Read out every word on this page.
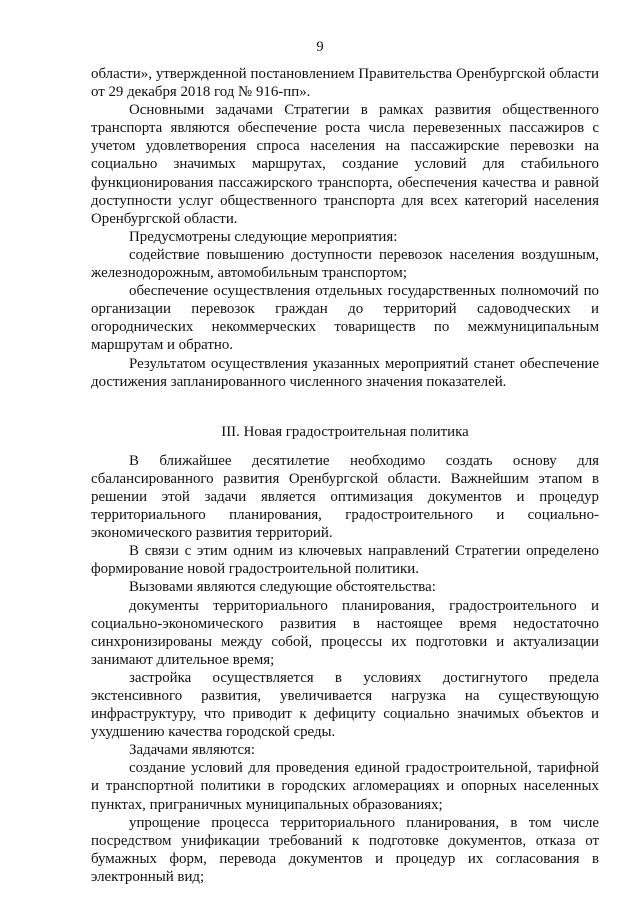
9

области», утвержденной постановлением Правительства Оренбургской области от 29 декабря 2018 год № 916-пп».

Основными задачами Стратегии в рамках развития общественного транспорта являются обеспечение роста числа перевезенных пассажиров с учетом удовлетворения спроса населения на пассажирские перевозки на социально значимых маршрутах, создание условий для стабильного функционирования пассажирского транспорта, обеспечения качества и равной доступности услуг общественного транспорта для всех категорий населения Оренбургской области.

Предусмотрены следующие мероприятия:

содействие повышению доступности перевозок населения воздушным, железнодорожным, автомобильным транспортом;

обеспечение осуществления отдельных государственных полномочий по организации перевозок граждан до территорий садоводческих и огороднических некоммерческих товариществ по межмуниципальным маршрутам и обратно.

Результатом осуществления указанных мероприятий станет обеспечение достижения запланированного численного значения показателей.

III. Новая градостроительная политика

В ближайшее десятилетие необходимо создать основу для сбалансированного развития Оренбургской области. Важнейшим этапом в решении этой задачи является оптимизация документов и процедур территориального планирования, градостроительного и социально-экономического развития территорий.

В связи с этим одним из ключевых направлений Стратегии определено формирование новой градостроительной политики.

Вызовами являются следующие обстоятельства:

документы территориального планирования, градостроительного и социально-экономического развития в настоящее время недостаточно синхронизированы между собой, процессы их подготовки и актуализации занимают длительное время;

застройка осуществляется в условиях достигнутого предела экстенсивного развития, увеличивается нагрузка на существующую инфраструктуру, что приводит к дефициту социально значимых объектов и ухудшению качества городской среды.

Задачами являются:

создание условий для проведения единой градостроительной, тарифной и транспортной политики в городских агломерациях и опорных населенных пунктах, приграничных муниципальных образованиях;

упрощение процесса территориального планирования, в том числе посредством унификации требований к подготовке документов, отказа от бумажных форм, перевода документов и процедур их согласования в электронный вид;
